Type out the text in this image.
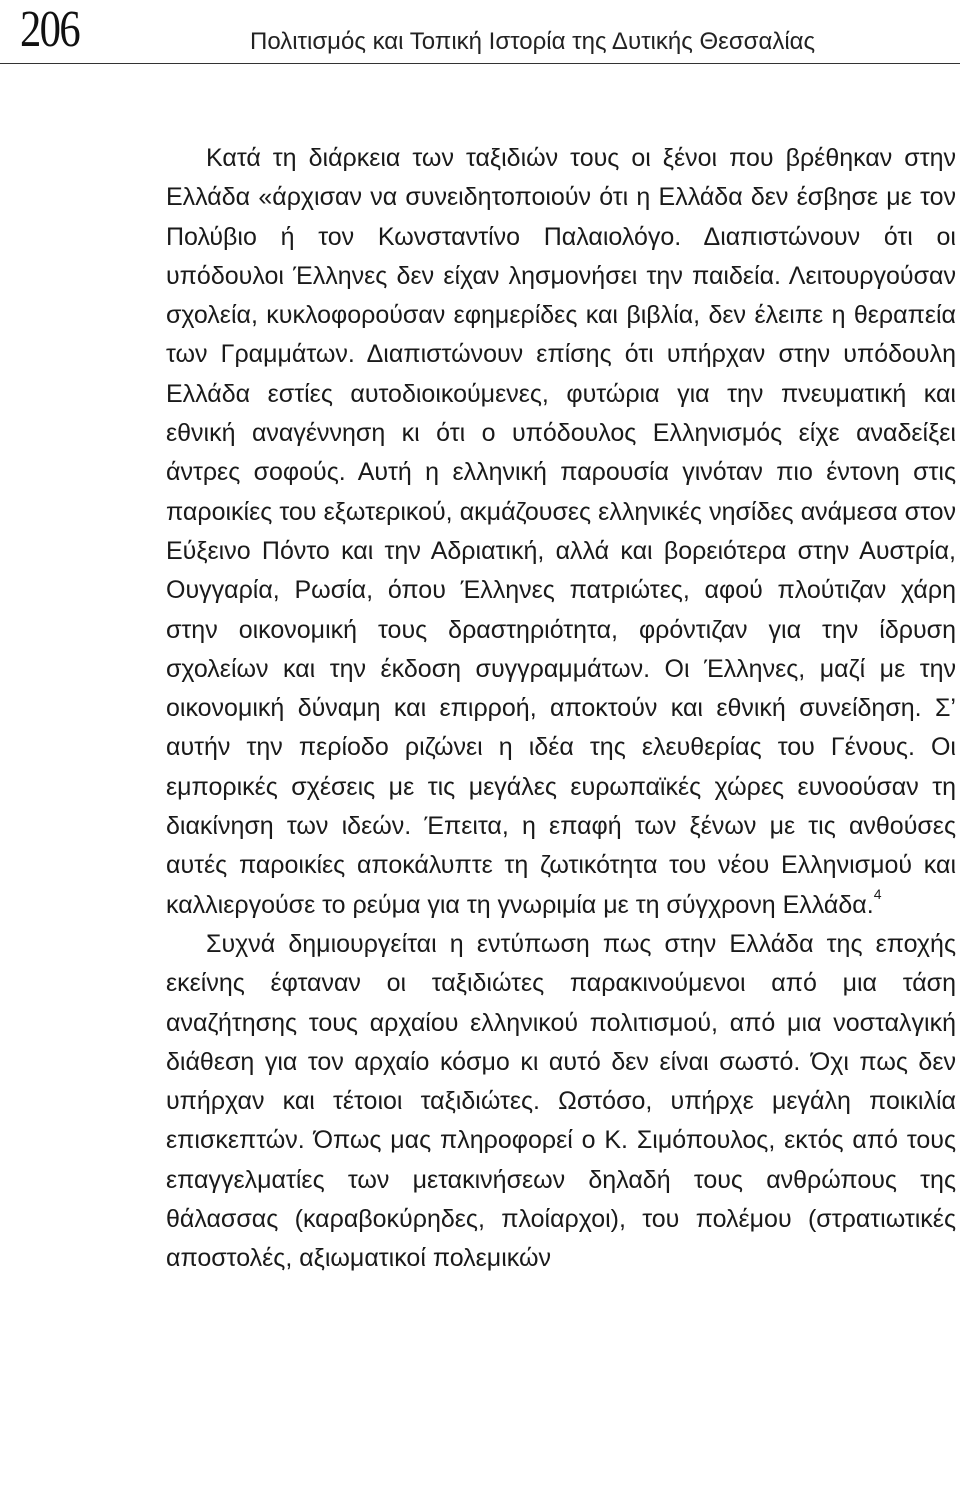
206	Πολιτισμός και Τοπική Ιστορία της Δυτικής Θεσσαλίας

Κατά τη διάρκεια των ταξιδιών τους οι ξένοι που βρέθηκαν στην Ελλάδα «άρχισαν να συνειδητοποιούν ότι η Ελλάδα δεν έσβησε με τον Πολύβιο ή τον Κωνσταντίνο Παλαιολόγο. Διαπιστώνουν ότι οι υπόδουλοι Έλληνες δεν είχαν λησμονήσει την παιδεία. Λειτουργούσαν σχολεία, κυκλοφορούσαν εφημερίδες και βιβλία, δεν έλειπε η θεραπεία των Γραμμάτων. Διαπιστώνουν επίσης ότι υπήρχαν στην υπόδουλη Ελλάδα εστίες αυτοδιοικούμενες, φυτώρια για την πνευματική και εθνική αναγέννηση κι ότι ο υπόδουλος Ελληνισμός είχε αναδείξει άντρες σοφούς. Αυτή η ελληνική παρουσία γινόταν πιο έντονη στις παροικίες του εξωτερικού, ακμάζουσες ελληνικές νησίδες ανάμεσα στον Εύξεινο Πόντο και την Αδριατική, αλλά και βορειότερα στην Αυστρία, Ουγγαρία, Ρωσία, όπου Έλληνες πατριώτες, αφού πλούτιζαν χάρη στην οικονομική τους δραστηριότητα, φρόντιζαν για την ίδρυση σχολείων και την έκδοση συγγραμμάτων. Οι Έλληνες, μαζί με την οικονομική δύναμη και επιρροή, αποκτούν και εθνική συνείδηση. Σ’ αυτήν την περίοδο ριζώνει η ιδέα της ελευθερίας του Γένους. Οι εμπορικές σχέσεις με τις μεγάλες ευρωπαϊκές χώρες ευνοούσαν τη διακίνηση των ιδεών. Έπειτα, η επαφή των ξένων με τις ανθούσες αυτές παροικίες αποκάλυπτε τη ζωτικότητα του νέου Ελληνισμού και καλλιεργούσε το ρεύμα για τη γνωριμία με τη σύγχρονη Ελλάδα.$^4$

Συχνά δημιουργείται η εντύπωση πως στην Ελλάδα της εποχής εκείνης έφταναν οι ταξιδιώτες παρακινούμενοι από μια τάση αναζήτησης τους αρχαίου ελληνικού πολιτισμού, από μια νοσταλγική διάθεση για τον αρχαίο κόσμο κι αυτό δεν είναι σωστό. Όχι πως δεν υπήρχαν και τέτοιοι ταξιδιώτες. Ωστόσο, υπήρχε μεγάλη ποικιλία επισκεπτών. Όπως μας πληροφορεί ο Κ. Σιμόπουλος, εκτός από τους επαγγελματίες των μετακινήσεων δηλαδή τους ανθρώπους της θάλασσας (καραβοκύρηδες, πλοίαρχοι), του πολέμου (στρατιωτικές αποστολές, αξιωματικοί πολεμικών
